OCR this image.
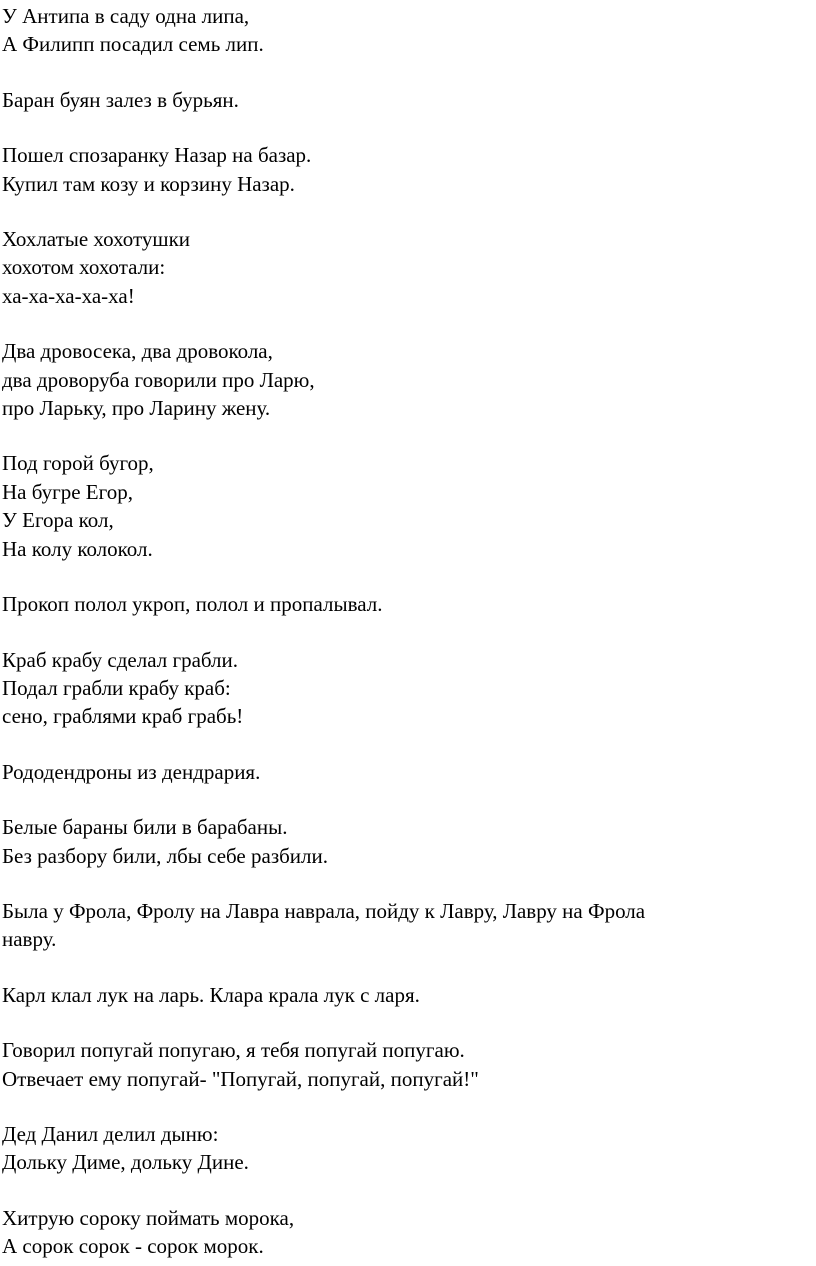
У Антипа в саду одна липа,
А Филипп посадил семь лип.
Баран буян залез в бурьян.
Пошел спозаранку Назар на базар.
Купил там козу и корзину Назар.
Хохлатые хохотушки
хохотом хохотали:
ха-ха-ха-ха-ха!
Два дровосека, два дровокола,
два дроворуба говорили про Ларю,
про Ларьку, про Ларину жену.
Под горой бугор,
На бугре Егор,
У Егора кол,
На колу колокол.
Прокоп полол укроп, полол и пропалывал.
Краб крабу сделал грабли.
Подал грабли крабу краб:
сено, граблями краб грабь!
Рододендроны из дендрария.
Белые бараны били в барабаны.
Без разбору били, лбы себе разбили.
Была у Фрола, Фролу на Лавра наврала, пойду к Лавру, Лавру на Фрола
навру.
Карл клал лук на ларь. Клара крала лук с ларя.
Говорил попугай попугаю, я тебя попугай попугаю.
Отвечает ему попугай- "Попугай, попугай, попугай!"
Дед Данил делил дыню:
Дольку Диме, дольку Дине.
Хитрую сороку поймать морока,
А сорок сорок - сорок морок.
